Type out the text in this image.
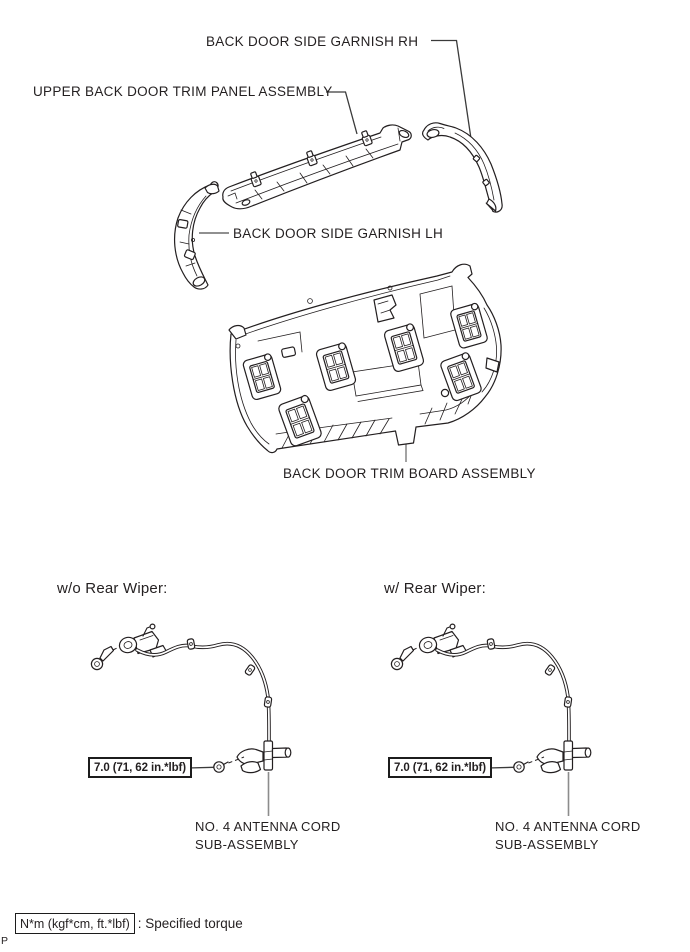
BACK DOOR SIDE GARNISH RH
UPPER BACK DOOR TRIM PANEL ASSEMBLY
BACK DOOR SIDE GARNISH LH
BACK DOOR TRIM BOARD ASSEMBLY
w/o Rear Wiper:	w/ Rear Wiper:
7.0 (71, 62 in.*lbf)	7.0 (71, 62 in.*lbf)
NO. 4 ANTENNA CORD
SUB-ASSEMBLY
NO. 4 ANTENNA CORD
SUB-ASSEMBLY
N*m (kgf*cm, ft.*lbf) : Specified torque
P
